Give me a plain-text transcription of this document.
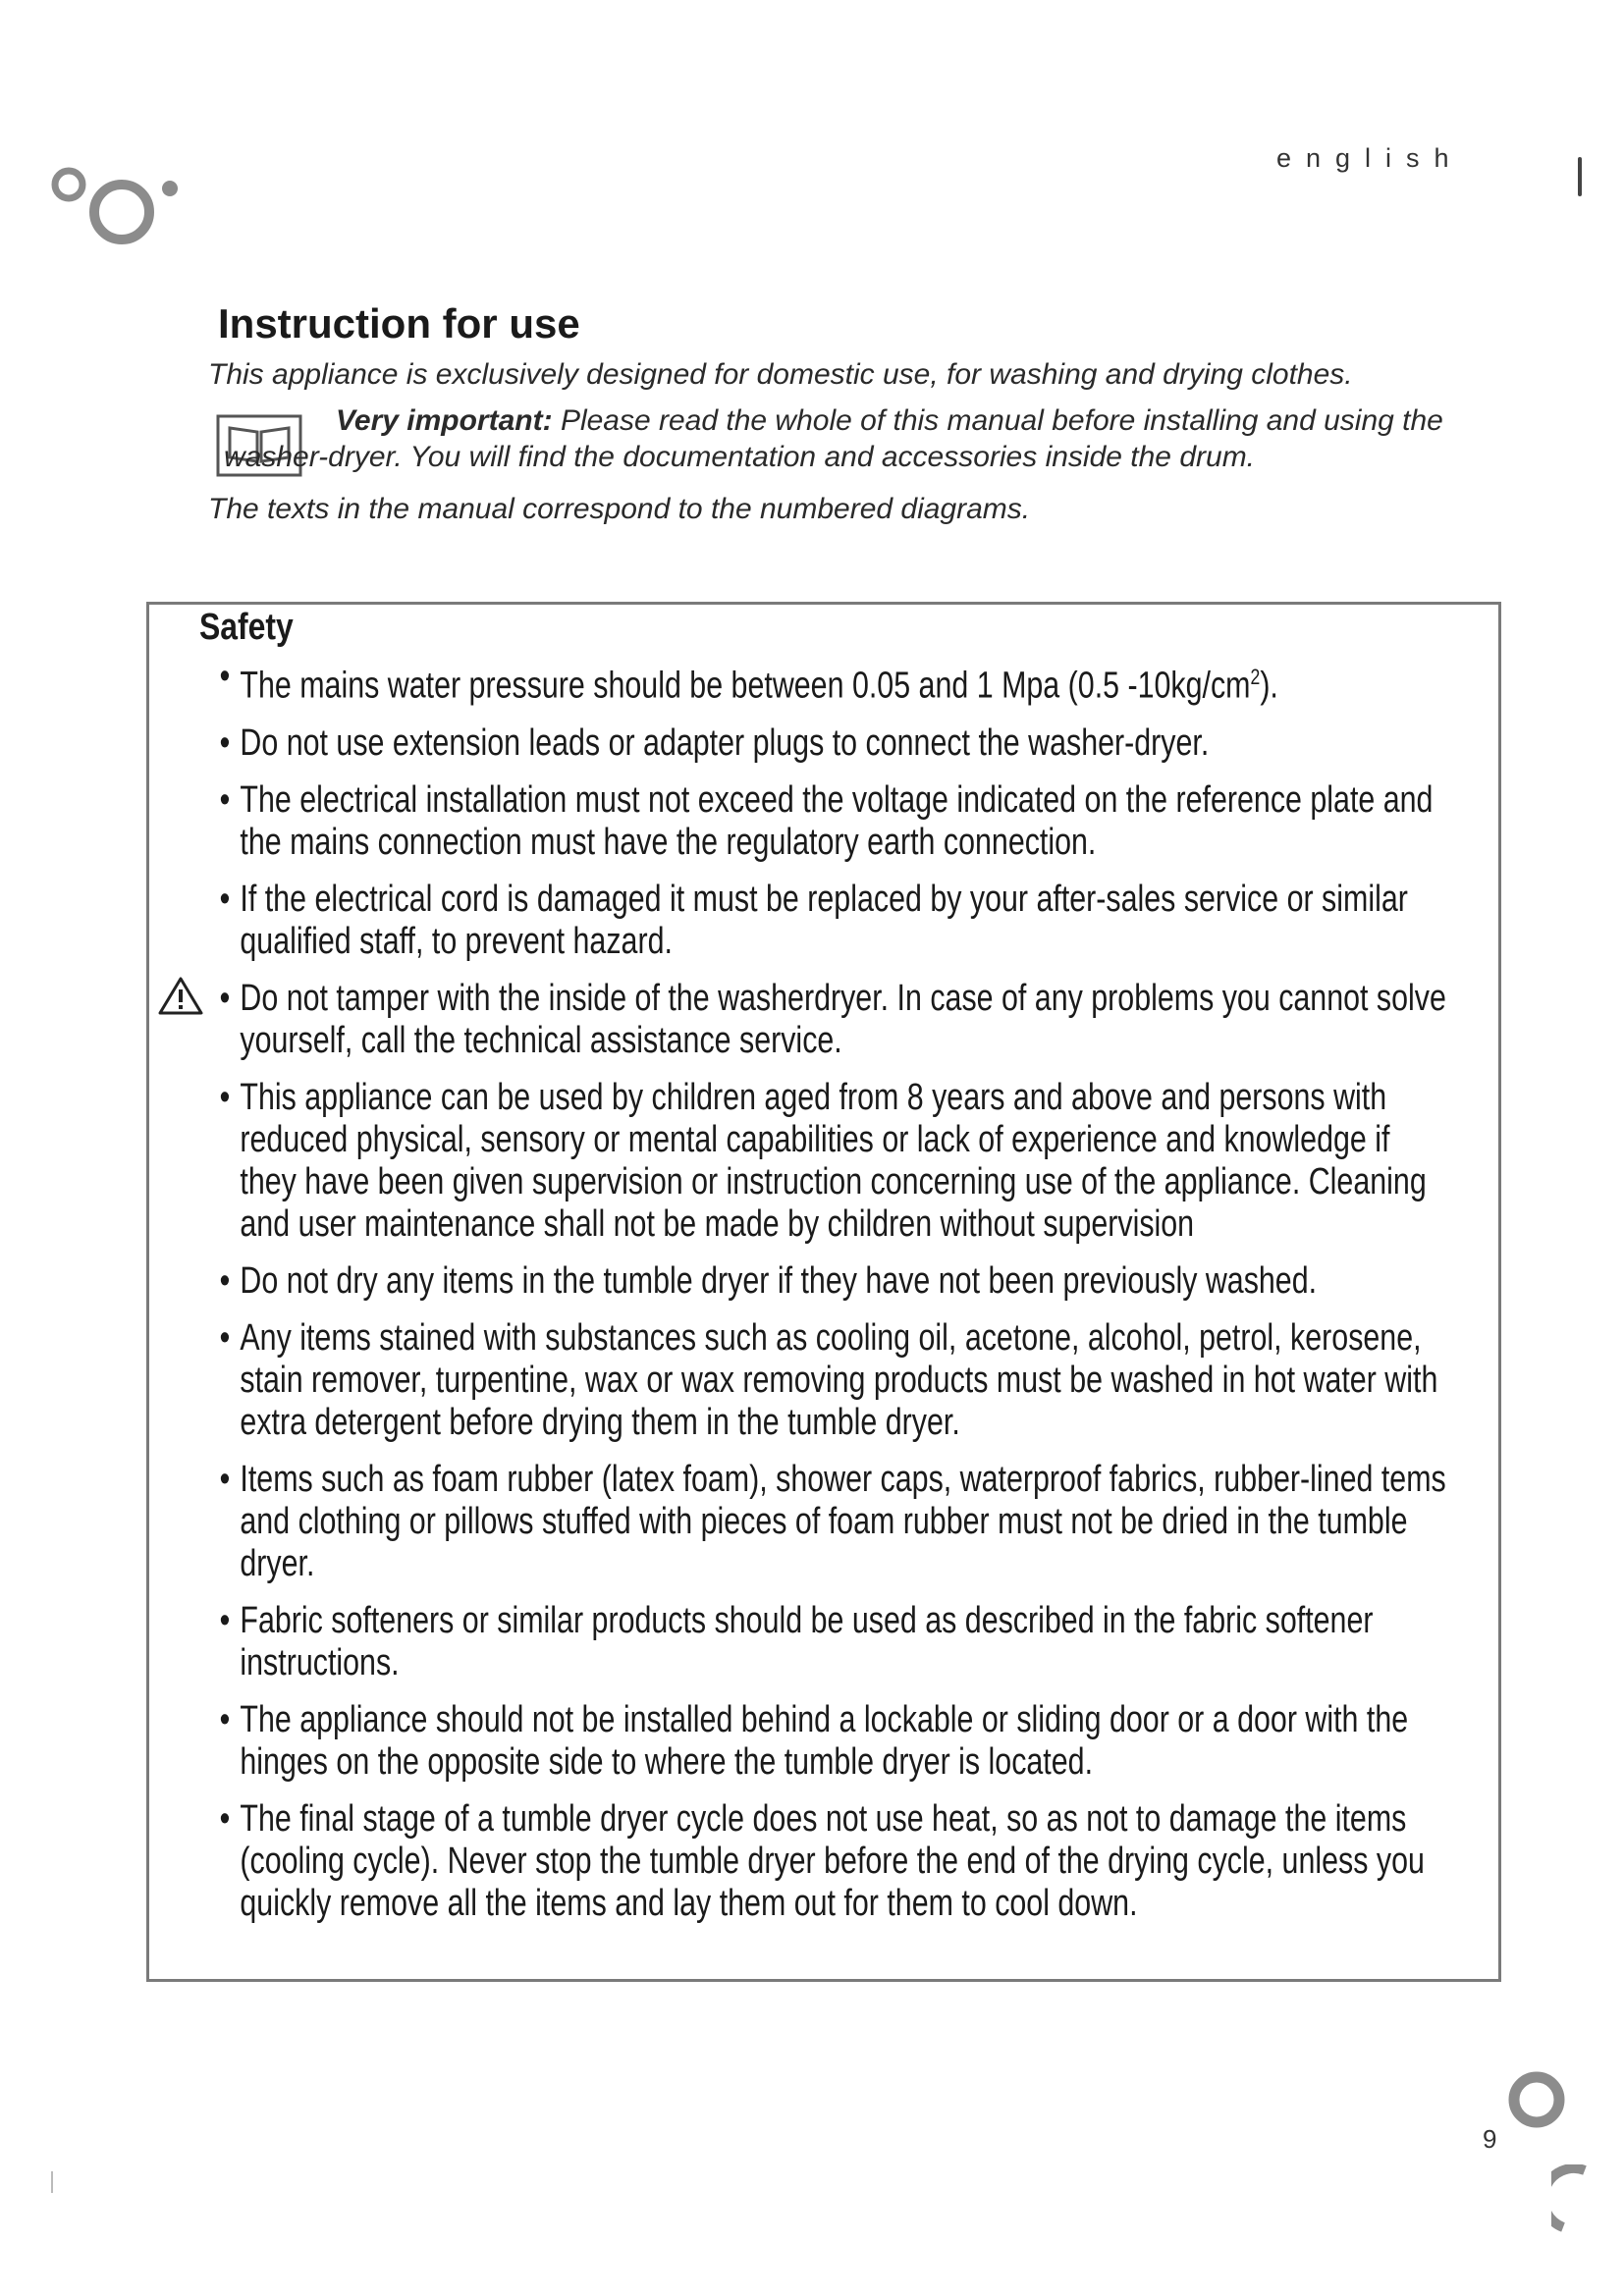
english
Instruction for use

This appliance is exclusively designed for domestic use, for washing and drying clothes.

Very important: Please read the whole of this manual before installing and using the washer-dryer. You will find the documentation and accessories inside the drum.

The texts in the manual correspond to the numbered diagrams.

Safety
• The mains water pressure should be between 0.05 and 1 Mpa (0.5 $-10kg/cm^2$).
• Do not use extension leads or adapter plugs to connect the washer-dryer.
• The electrical installation must not exceed the voltage indicated on the reference plate and the mains connection must have the regulatory earth connection.
• If the electrical cord is damaged it must be replaced by your after-sales service or similar qualified staff, to prevent hazard.
• Do not tamper with the inside of the washerdryer. In case of any problems you cannot solve yourself, call the technical assistance service.
• This appliance can be used by children aged from 8 years and above and persons with reduced physical, sensory or mental capabilities or lack of experience and knowledge if they have been given supervision or instruction concerning use of the appliance. Cleaning and user maintenance shall not be made by children without supervision
• Do not dry any items in the tumble dryer if they have not been previously washed.
• Any items stained with substances such as cooling oil, acetone, alcohol, petrol, kerosene, stain remover, turpentine, wax or wax removing products must be washed in hot water with extra detergent before drying them in the tumble dryer.
• Items such as foam rubber (latex foam), shower caps, waterproof fabrics, rubber-lined tems and clothing or pillows stuffed with pieces of foam rubber must not be dried in the tumble dryer.
• Fabric softeners or similar products should be used as described in the fabric softener instructions.
• The appliance should not be installed behind a lockable or sliding door or a door with the hinges on the opposite side to where the tumble dryer is located.
• The final stage of a tumble dryer cycle does not use heat, so as not to damage the items (cooling cycle). Never stop the tumble dryer before the end of the drying cycle, unless you quickly remove all the items and lay them out for them to cool down.
9
